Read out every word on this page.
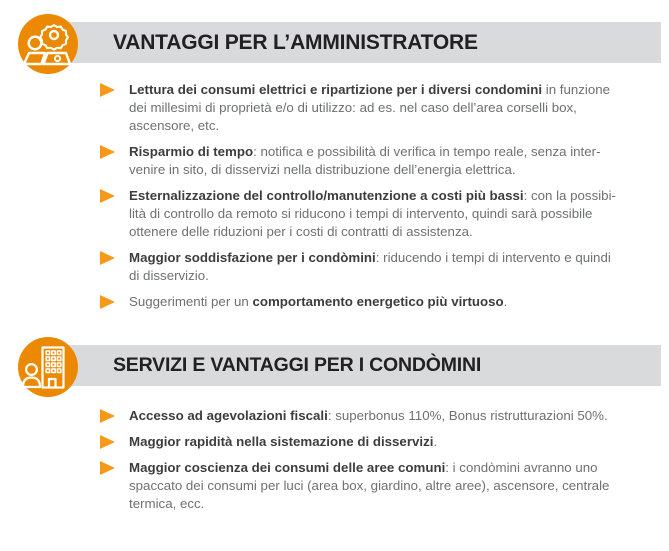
VANTAGGI PER L’AMMINISTRATORE
Lettura dei consumi elettrici e ripartizione per i diversi condomini in funzione dei millesimi di proprietà e/o di utilizzo: ad es. nel caso dell’area corselli box, ascensore, etc.
Risparmio di tempo: notifica e possibilità di verifica in tempo reale, senza intervenire in sito, di disservizi nella distribuzione dell’energia elettrica.
Esternalizzazione del controllo/manutenzione a costi più bassi: con la possibilità di controllo da remoto si riducono i tempi di intervento, quindi sarà possibile ottenere delle riduzioni per i costi di contratti di assistenza.
Maggior soddisfazione per i condòmini: riducendo i tempi di intervento e quindi di disservizio.
Suggerimenti per un comportamento energetico più virtuoso.
SERVIZI E VANTAGGI PER I CONDÒMINI
Accesso ad agevolazioni fiscali: superbonus 110%, Bonus ristrutturazioni 50%.
Maggior rapidità nella sistemazione di disservizi.
Maggior coscienza dei consumi delle aree comuni: i condòmini avranno uno spaccato dei consumi per luci (area box, giardino, altre aree), ascensore, centrale termica, ecc.
